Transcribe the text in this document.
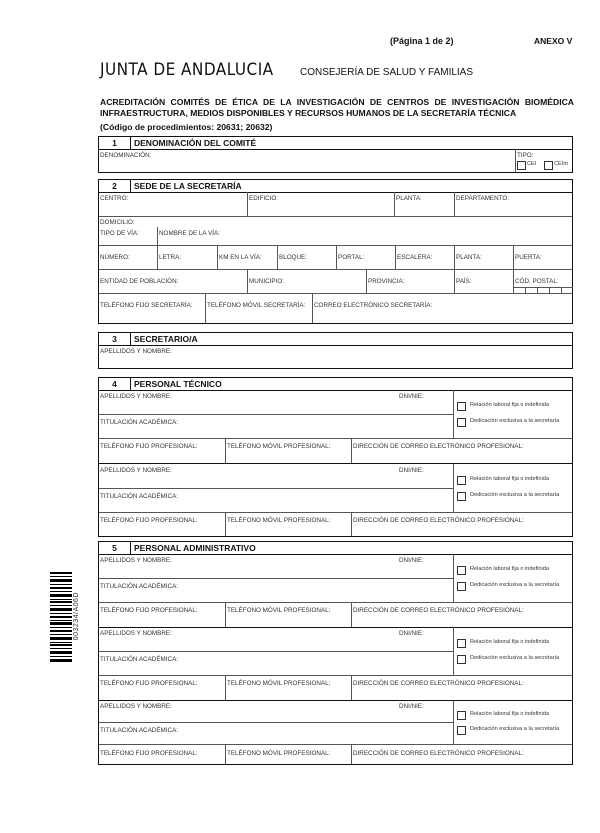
(Página 1 de 2)	ANEXO V
JUNTA DE ANDALUCIA	CONSEJERÍA DE SALUD Y FAMILIAS
ACREDITACIÓN COMITÉS DE ÉTICA DE LA INVESTIGACIÓN DE CENTROS DE INVESTIGACIÓN BIOMÉDICA INFRAESTRUCTURA, MEDIOS DISPONIBLES Y RECURSOS HUMANOS DE LA SECRETARÍA TÉCNICA
(Código de procedimientos: 20631; 20632)
003234/A06D
1	DENOMINACIÓN DEL COMITÉ
DENOMINACIÓN:	TIPO:
CEI	CEIm
2	SEDE DE LA SECRETARÍA
CENTRO:	EDIFICIO:	PLANTA:	DEPARTAMENTO:
DOMICILIO:
TIPO DE VÍA:	NOMBRE DE LA VÍA:
NÚMERO:	LETRA:	KM EN LA VÍA:	BLOQUE:	PORTAL:	ESCALERA:	PLANTA:	PUERTA:
ENTIDAD DE POBLACIÓN:	MUNICIPIO:	PROVINCIA:	PAÍS:	CÓD. POSTAL:
TELÉFONO FIJO SECRETARÍA: TELÉFONO MÓVIL SECRETARÍA: CORREO ELECTRÓNICO SECRETARÍA:
3	SECRETARIO/A
APELLIDOS Y NOMBRE:
4	PERSONAL TÉCNICO
APELLIDOS Y NOMBRE:	DNI/NIE:
Relación laboral fija o indefinida
Dedicación exclusiva a la secretaría
TITULACIÓN ACADÉMICA:
TELÉFONO FIJO PROFESIONAL:	TELÉFONO MÓVIL PROFESIONAL:	DIRECCIÓN DE CORREO ELECTRÓNICO PROFESIONAL:
APELLIDOS Y NOMBRE:	DNI/NIE:
Relación laboral fija o indefinida
Dedicación exclusiva a la secretaría
TITULACIÓN ACADÉMICA:
TELÉFONO FIJO PROFESIONAL:	TELÉFONO MÓVIL PROFESIONAL:	DIRECCIÓN DE CORREO ELECTRÓNICO PROFESIONAL:
5	PERSONAL ADMINISTRATIVO
APELLIDOS Y NOMBRE:	DNI/NIE:
Relación laboral fija o indefinida
Dedicación exclusiva a la secretaría
TITULACIÓN ACADÉMICA:
TELÉFONO FIJO PROFESIONAL:	TELÉFONO MÓVIL PROFESIONAL:	DIRECCIÓN DE CORREO ELECTRÓNICO PROFESIONAL:
APELLIDOS Y NOMBRE:	DNI/NIE:
Relación laboral fija o indefinida
Dedicación exclusiva a la secretaría
TITULACIÓN ACADÉMICA:
TELÉFONO FIJO PROFESIONAL:	TELÉFONO MÓVIL PROFESIONAL:	DIRECCIÓN DE CORREO ELECTRÓNICO PROFESIONAL:
APELLIDOS Y NOMBRE:	DNI/NIE:
Relación laboral fija o indefinida
Dedicación exclusiva a la secretaría
TITULACIÓN ACADÉMICA:
TELÉFONO FIJO PROFESIONAL:	TELÉFONO MÓVIL PROFESIONAL:	DIRECCIÓN DE CORREO ELECTRÓNICO PROFESIONAL:
